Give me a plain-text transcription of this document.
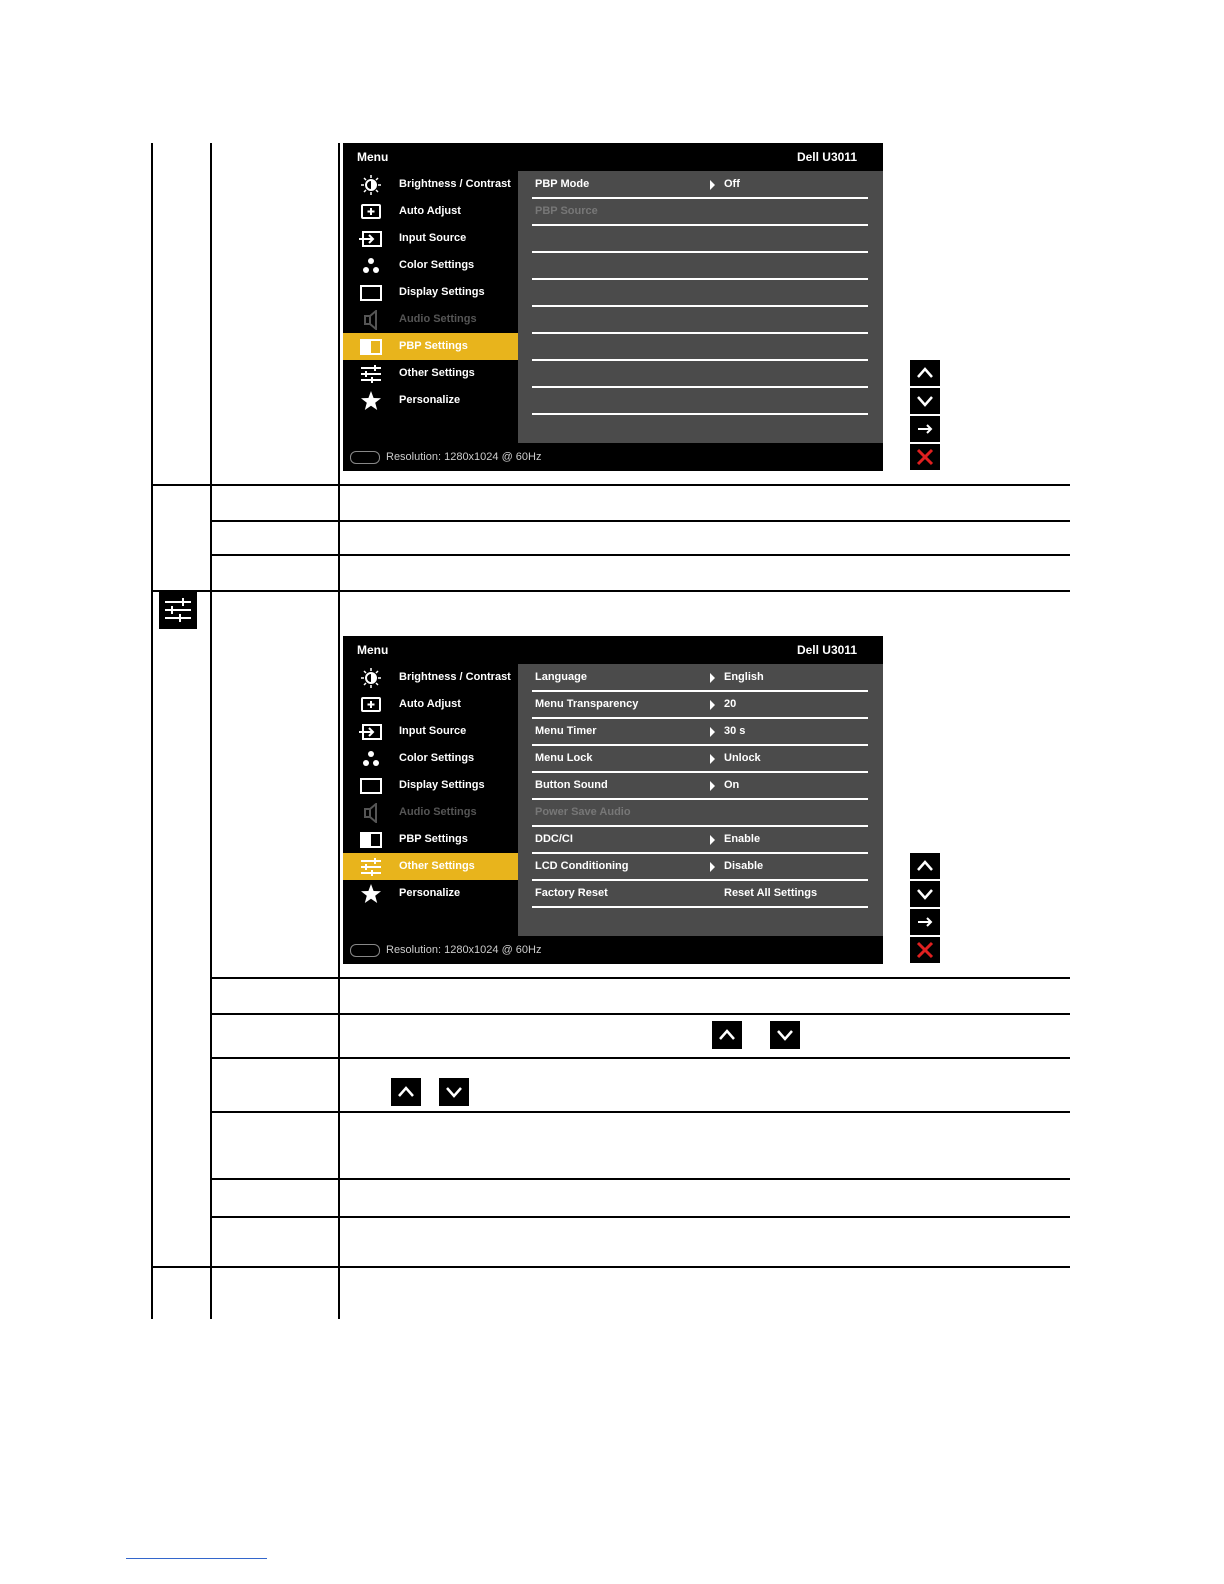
Menu	Dell U3011
Brightness / Contrast
Auto Adjust
Input Source
Color Settings
Display Settings
Audio Settings
PBP Settings
Other Settings
Personalize
PBP Mode	Off
PBP Source
Resolution: 1280x1024 @ 60Hz
Menu	Dell U3011
Brightness / Contrast
Auto Adjust
Input Source
Color Settings
Display Settings
Audio Settings
PBP Settings
Other Settings
Personalize
Language	English
Menu Transparency	20
Menu Timer	30 s
Menu Lock	Unlock
Button Sound	On
Power Save Audio
DDC/CI	Enable
LCD Conditioning	Disable
Factory Reset	Reset All Settings
Resolution: 1280x1024 @ 60Hz
